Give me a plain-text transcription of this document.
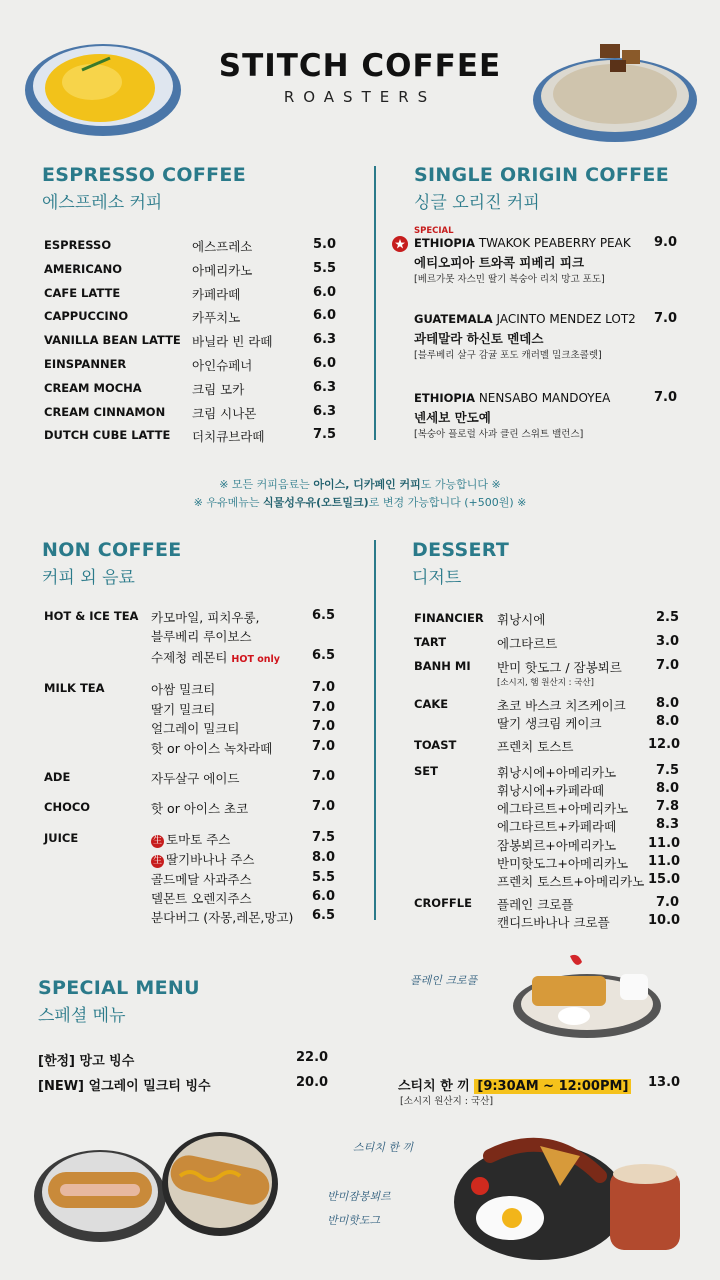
STITCH COFFEE
ROASTERS
ESPRESSO COFFEE
에스프레소 커피
ESPRESSO	에스프레소	5.0
AMERICANO	아메리카노	5.5
CAFE LATTE	카페라떼	6.0
CAPPUCCINO	카푸치노	6.0
VANILLA BEAN LATTE 바닐라 빈 라떼	6.3
EINSPANNER	아인슈페너	6.0
CREAM MOCHA	크림 모카	6.3
CREAM CINNAMON 크림 시나몬	6.3
DUTCH CUBE LATTE 더치큐브라떼	7.5
SINGLE ORIGIN COFFEE
싱글 오리진 커피
SPECIAL
ETHIOPIA TWAKOK PEABERRY PEAK
에티오피아 트와콕 피베리 피크
[베르가못 자스민 딸기 복숭아 리치 망고 포도]
9.0
GUATEMALA JACINTO MENDEZ LOT2
과테말라 하신토 멘데스
[블루베리 살구 감귤 포도 캐러멜 밀크초콜렛]
7.0
ETHIOPIA NENSABO MANDOYEA
넨세보 만도예
[복숭아 플로럴 사과 클린 스위트 밸런스]
7.0
※ 모든 커피음료는 아이스, 디카페인 커피도 가능합니다 ※
※ 우유메뉴는 식물성우유(오트밀크)로 변경 가능합니다 (+500원) ※
NON COFFEE
커피 외 음료
HOT & ICE TEA 카모마일, 피치우롱,	6.5
블루베리 루이보스
수제청 레몬티 HOT only 6.5
MILK TEA	아쌈 밀크티	7.0
딸기 밀크티	7.0
얼그레이 밀크티	7.0
핫 or 아이스 녹차라떼	7.0
ADE	자두살구 에이드	7.0
CHOCO	핫 or 아이스 초코	7.0
JUICE	生 토마토 주스	7.5
生 딸기바나나 주스	8.0
골드메달 사과주스	5.5
델몬트 오렌지주스	6.0
분다버그 (자몽,레몬,망고) 6.5
DESSERT
디저트
FINANCIER 휘낭시에	2.5
TART	에그타르트	3.0
BANH MI 반미 핫도그 / 잠봉뵈르	7.0
[소시지, 햄 원산지 : 국산]
CAKE	초코 바스크 치즈케이크 8.0
딸기 생크림 케이크	8.0
TOAST	프렌치 토스트	12.0
SET	휘낭시에+아메리카노	7.5
휘낭시에+카페라떼	8.0
에그타르트+아메리카노 7.8
에그타르트+카페라떼	8.3
잠봉뵈르+아메리카노 11.0
반미핫도그+아메리카노 11.0
프렌치 토스트+아메리카노 15.0
CROFFLE 플레인 크로플	7.0
캔디드바나나 크로플	10.0
SPECIAL MENU
스페셜 메뉴
[한정] 망고 빙수	22.0
[NEW] 얼그레이 밀크티 빙수	20.0
플레인 크로플
스티치 한 끼 [9:30AM ~ 12:00PM] 13.0
[소시지 원산지 : 국산]
스티치 한 끼
반미잠봉뵈르
반미핫도그
